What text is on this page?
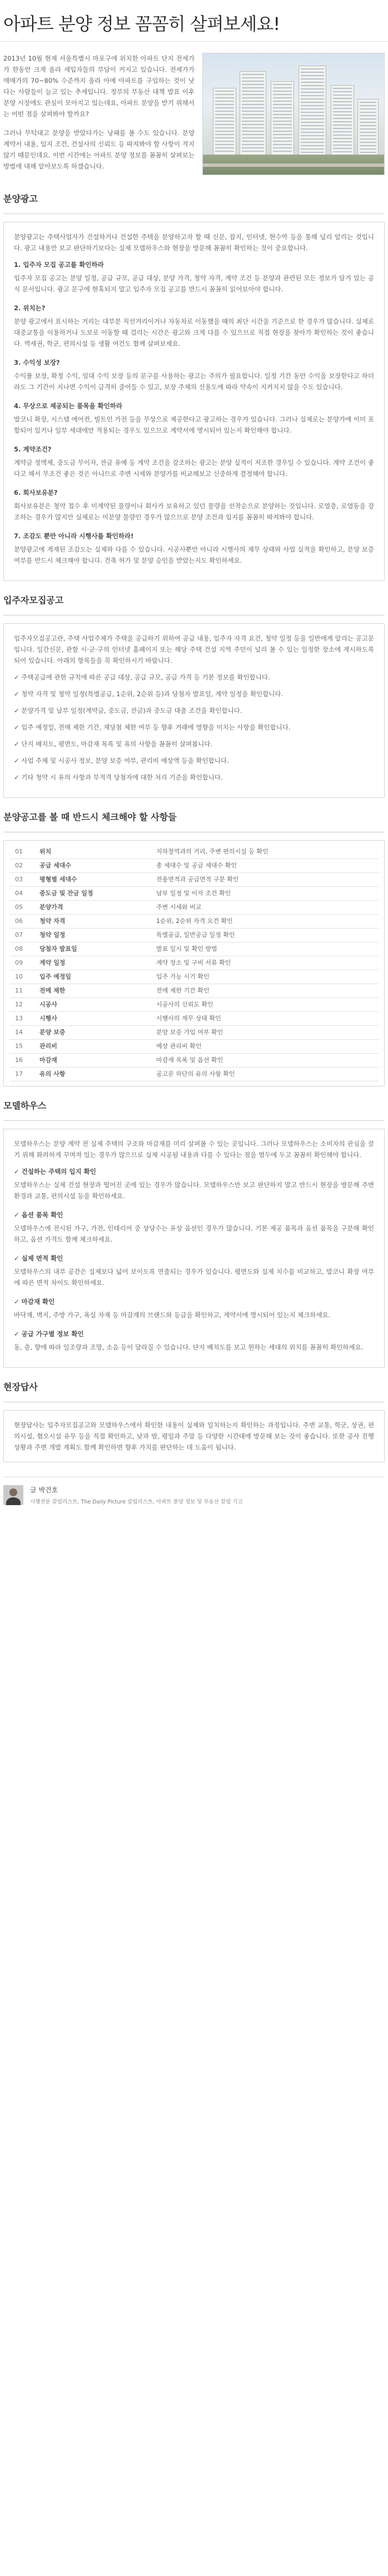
아파트 분양 정보 꼼꼼히 살펴보세요!

2013년 10월 현재 서울특별시 마포구에 위치한 아파트 단지 전세가가 한동안 크게 올라 세입자들의 부담이 커지고 있습니다. 전세가가 매매가의 70~80% 수준까지 올라 아예 아파트를 구입하는 것이 낫다는 사람들이 늘고 있는 추세입니다. 정부의 부동산 대책 발표 이후 분양 시장에도 관심이 모아지고 있는데요, 아파트 분양을 받기 위해서는 어떤 점을 살펴봐야 할까요?

그러나 무턱대고 분양을 받았다가는 낭패를 볼 수도 있습니다. 분양 계약서 내용, 입지 조건, 건설사의 신뢰도 등 따져봐야 할 사항이 적지 않기 때문인데요. 이번 시간에는 아파트 분양 정보를 꼼꼼히 살펴보는 방법에 대해 알아보도록 하겠습니다.

분양광고

분양광고는 주택사업자가 건설하거나 건설한 주택을 분양하고자 할 때 신문, 잡지, 인터넷, 현수막 등을 통해 널리 알리는 것입니다. 광고 내용만 보고 판단하기보다는 실제 모델하우스와 현장을 방문해 꼼꼼히 확인하는 것이 중요합니다.

1. 입주자 모집 공고를 확인하라

입주자 모집 공고는 분양 일정, 공급 규모, 공급 대상, 분양 가격, 청약 자격, 계약 조건 등 분양과 관련된 모든 정보가 담겨 있는 공식 문서입니다. 광고 문구에 현혹되지 말고 입주자 모집 공고를 반드시 꼼꼼히 읽어보아야 합니다.

2. 위치는?

분양 광고에서 표시하는 거리는 대부분 직선거리이거나 자동차로 이동했을 때의 최단 시간을 기준으로 한 경우가 많습니다. 실제로 대중교통을 이용하거나 도보로 이동할 때 걸리는 시간은 광고와 크게 다를 수 있으므로 직접 현장을 찾아가 확인하는 것이 좋습니다. 역세권, 학군, 편의시설 등 생활 여건도 함께 살펴보세요.

3. 수익성 보장?

수익률 보장, 확정 수익, 임대 수익 보장 등의 문구를 사용하는 광고는 주의가 필요합니다. 일정 기간 동안 수익을 보장한다고 하더라도 그 기간이 지나면 수익이 급격히 줄어들 수 있고, 보장 주체의 신용도에 따라 약속이 지켜지지 않을 수도 있습니다.

4. 무상으로 제공되는 품목을 확인하라

발코니 확장, 시스템 에어컨, 빌트인 가전 등을 무상으로 제공한다고 광고하는 경우가 있습니다. 그러나 실제로는 분양가에 이미 포함되어 있거나 일부 세대에만 적용되는 경우도 있으므로 계약서에 명시되어 있는지 확인해야 합니다.

5. 계약조건?

계약금 정액제, 중도금 무이자, 잔금 유예 등 계약 조건을 강조하는 광고는 분양 실적이 저조한 경우일 수 있습니다. 계약 조건이 좋다고 해서 무조건 좋은 것은 아니므로 주변 시세와 분양가를 비교해보고 신중하게 결정해야 합니다.

6. 회사보유분?

회사보유분은 청약 접수 후 미계약된 물량이나 회사가 보유하고 있던 물량을 선착순으로 분양하는 것입니다. 로열층, 로열동을 강조하는 경우가 많지만 실제로는 미분양 물량인 경우가 많으므로 분양 조건과 입지를 꼼꼼히 따져봐야 합니다.

7. 조감도 뿐만 아니라 시행사를 확인하라!

분양광고에 게재된 조감도는 실제와 다를 수 있습니다. 시공사뿐만 아니라 시행사의 재무 상태와 사업 실적을 확인하고, 분양 보증 여부를 반드시 체크해야 합니다. 건축 허가 및 분양 승인을 받았는지도 확인하세요.

입주자모집공고

입주자모집공고란, 주택 사업주체가 주택을 공급하기 위하여 공급 내용, 입주자 자격 요건, 청약 일정 등을 일반에게 알리는 공고문입니다. 일간신문, 관할 시·군·구의 인터넷 홈페이지 또는 해당 주택 건설 지역 주민이 널리 볼 수 있는 일정한 장소에 게시하도록 되어 있습니다. 아래의 항목들을 꼭 확인하시기 바랍니다.

✓ 주택공급에 관한 규칙에 따른 공급 대상, 공급 규모, 공급 가격 등 기본 정보를 확인합니다.
✓ 청약 자격 및 청약 일정(특별공급, 1순위, 2순위 등)과 당첨자 발표일, 계약 일정을 확인합니다.
✓ 분양가격 및 납부 일정(계약금, 중도금, 잔금)과 중도금 대출 조건을 확인합니다.
✓ 입주 예정일, 전매 제한 기간, 재당첨 제한 여부 등 향후 거래에 영향을 미치는 사항을 확인합니다.
✓ 단지 배치도, 평면도, 마감재 목록 및 유의 사항을 꼼꼼히 살펴봅니다.
✓ 사업 주체 및 시공사 정보, 분양 보증 여부, 관리비 예상액 등을 확인합니다.
✓ 기타 청약 시 유의 사항과 부적격 당첨자에 대한 처리 기준을 확인합니다.
분양공고를 볼 때 반드시 체크해야 할 사항들
01	위치	지하철역과의 거리, 주변 편의시설 등 확인
02	공급 세대수	총 세대수 및 공급 세대수 확인
03	평형별 세대수	전용면적과 공급면적 구분 확인
04	중도금 및 잔금 일정	납부 일정 및 이자 조건 확인
05	분양가격	주변 시세와 비교
06	청약 자격	1순위, 2순위 자격 요건 확인
07	청약 일정	특별공급, 일반공급 일정 확인
08	당첨자 발표일	발표 일시 및 확인 방법
09	계약 일정	계약 장소 및 구비 서류 확인
10	입주 예정일	입주 가능 시기 확인
11	전매 제한	전매 제한 기간 확인
12	시공사	시공사의 신뢰도 확인
13	시행사	시행사의 재무 상태 확인
14	분양 보증	분양 보증 가입 여부 확인
15	관리비	예상 관리비 확인
16	마감재	마감재 목록 및 옵션 확인
17	유의 사항	공고문 하단의 유의 사항 확인
모델하우스

모델하우스는 분양 계약 전 실제 주택의 구조와 마감재를 미리 살펴볼 수 있는 곳입니다. 그러나 모델하우스는 소비자의 관심을 끌기 위해 화려하게 꾸며져 있는 경우가 많으므로 실제 시공될 내용과 다를 수 있다는 점을 염두에 두고 꼼꼼히 확인해야 합니다.

✓ 건설하는 주택의 입지 확인

모델하우스는 실제 건설 현장과 떨어진 곳에 있는 경우가 많습니다. 모델하우스만 보고 판단하지 말고 반드시 현장을 방문해 주변 환경과 교통, 편의시설 등을 확인하세요.

✓ 옵션 품목 확인

모델하우스에 전시된 가구, 가전, 인테리어 중 상당수는 유상 옵션인 경우가 많습니다. 기본 제공 품목과 옵션 품목을 구분해 확인하고, 옵션 가격도 함께 체크하세요.

✓ 실제 면적 확인

모델하우스의 내부 공간은 실제보다 넓어 보이도록 연출되는 경우가 있습니다. 평면도와 실제 치수를 비교하고, 발코니 확장 여부에 따른 면적 차이도 확인하세요.

✓ 마감재 확인

바닥재, 벽지, 주방 가구, 욕실 자재 등 마감재의 브랜드와 등급을 확인하고, 계약서에 명시되어 있는지 체크하세요.

✓ 공급 가구별 정보 확인

동, 층, 향에 따라 일조량과 조망, 소음 등이 달라질 수 있습니다. 단지 배치도를 보고 원하는 세대의 위치를 꼼꼼히 확인하세요.

현장답사

현장답사는 입주자모집공고와 모델하우스에서 확인한 내용이 실제와 일치하는지 확인하는 과정입니다. 주변 교통, 학군, 상권, 편의시설, 혐오시설 유무 등을 직접 확인하고, 낮과 밤, 평일과 주말 등 다양한 시간대에 방문해 보는 것이 좋습니다. 또한 공사 진행 상황과 주변 개발 계획도 함께 확인하면 향후 가치를 판단하는 데 도움이 됩니다.

글 박건호
시행전문 칼럼리스트, The Daily Picture 칼럼리스트, 아파트 분양 정보 및 부동산 칼럼 기고
